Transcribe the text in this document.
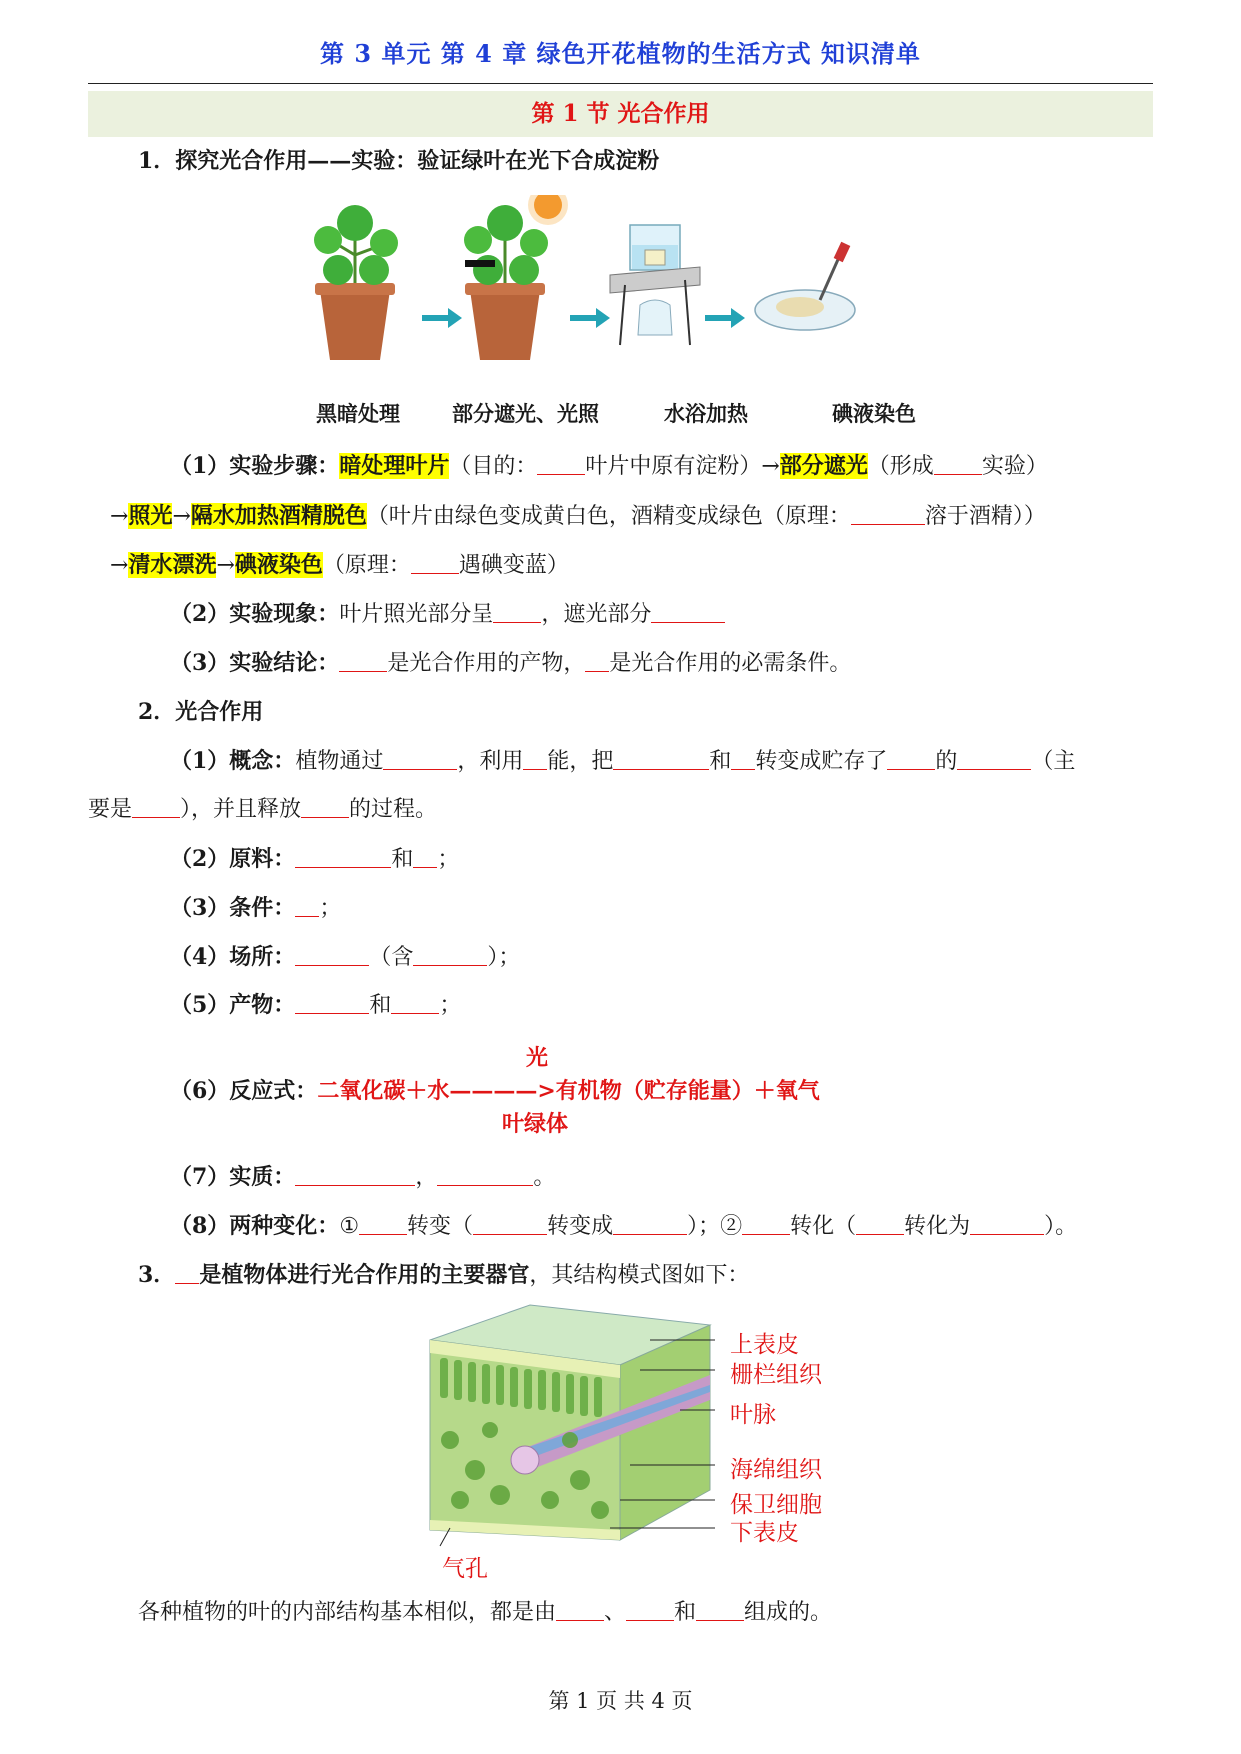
第 3 单元 第 4 章 绿色开花植物的生活方式 知识清单
第 1 节 光合作用
1．探究光合作用——实验：验证绿叶在光下合成淀粉
黑暗处理 部分遮光、光照	水浴加热	碘液染色
（1）实验步骤：暗处理叶片（目的： 叶片中原有淀粉）→部分遮光（形成 实验）
→照光→隔水加热酒精脱色（叶片由绿色变成黄白色，酒精变成绿色（原理：	溶于酒精））
→清水漂洗→碘液染色（原理： 遇碘变蓝）
（2）实验现象：叶片照光部分呈 ，遮光部分
（3）实验结论： 是光合作用的产物， 是光合作用的必需条件。
2．光合作用
（1）概念：植物通过	，利用 能，把	和 转变成贮存了 的	（主
要是 ），并且释放 的过程。
（2）原料：	和 ；
（3）条件： ；
（4）场所：	（含	）；
（5）产物：	和 ；
光
（6）反应式：二氧化碳＋水————>有机物（贮存能量）＋氧气
叶绿体
（7）实质：	，	。
（8）两种变化：① 转变（	转变成	）；② 转化（ 转化为	）。
3． 是植物体进行光合作用的主要器官，其结构模式图如下：
上表皮
栅栏组织
叶脉
海绵组织
保卫细胞
下表皮
气孔
各种植物的叶的内部结构基本相似，都是由 、 和 组成的。
第 1 页 共 4 页
